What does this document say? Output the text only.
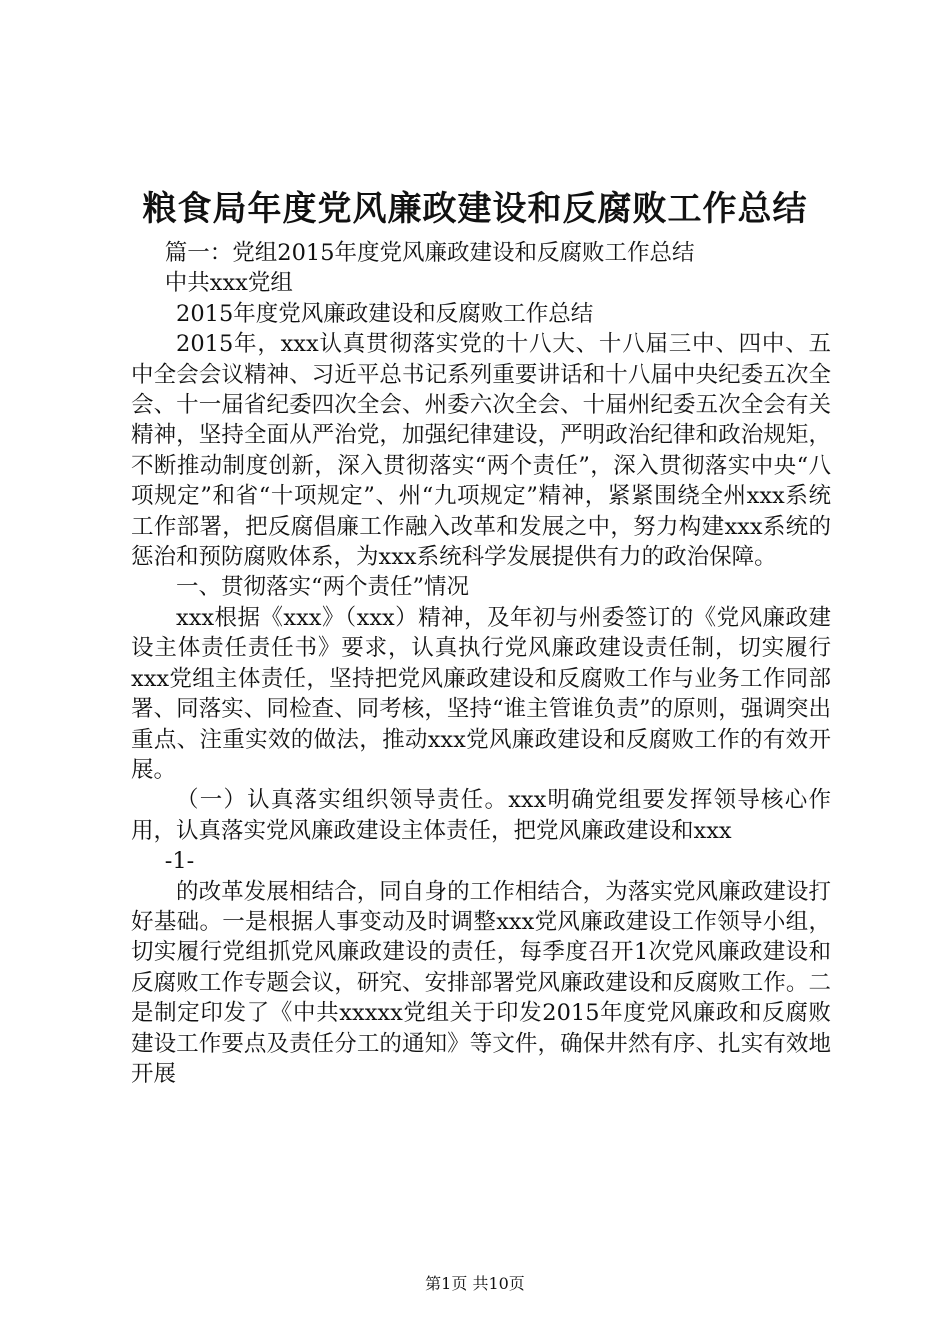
粮食局年度党风廉政建设和反腐败工作总结

篇一：党组2015年度党风廉政建设和反腐败工作总结

中共xxx党组

2015年度党风廉政建设和反腐败工作总结

2015年，xxx认真贯彻落实党的十八大、十八届三中、四中、五中全会会议精神、习近平总书记系列重要讲话和十八届中央纪委五次全会、十一届省纪委四次全会、州委六次全会、十届州纪委五次全会有关精神，坚持全面从严治党，加强纪律建设，严明政治纪律和政治规矩，不断推动制度创新，深入贯彻落实“两个责任”，深入贯彻落实中央“八项规定”和省“十项规定”、州“九项规定”精神，紧紧围绕全州xxx系统工作部署，把反腐倡廉工作融入改革和发展之中，努力构建xxx系统的惩治和预防腐败体系，为xxx系统科学发展提供有力的政治保障。

一、贯彻落实“两个责任”情况

xxx根据《xxx》（xxx）精神，及年初与州委签订的《党风廉政建设主体责任责任书》要求，认真执行党风廉政建设责任制，切实履行xxx党组主体责任，坚持把党风廉政建设和反腐败工作与业务工作同部署、同落实、同检查、同考核，坚持“谁主管谁负责”的原则，强调突出重点、注重实效的做法，推动xxx党风廉政建设和反腐败工作的有效开展。

（一）认真落实组织领导责任。xxx明确党组要发挥领导核心作用，认真落实党风廉政建设主体责任，把党风廉政建设和xxx

-1-

的改革发展相结合，同自身的工作相结合，为落实党风廉政建设打好基础。一是根据人事变动及时调整xxx党风廉政建设工作领导小组，切实履行党组抓党风廉政建设的责任，每季度召开1次党风廉政建设和反腐败工作专题会议，研究、安排部署党风廉政建设和反腐败工作。二是制定印发了《中共xxxxx党组关于印发2015年度党风廉政和反腐败建设工作要点及责任分工的通知》等文件，确保井然有序、扎实有效地开展

第1页 共10页
